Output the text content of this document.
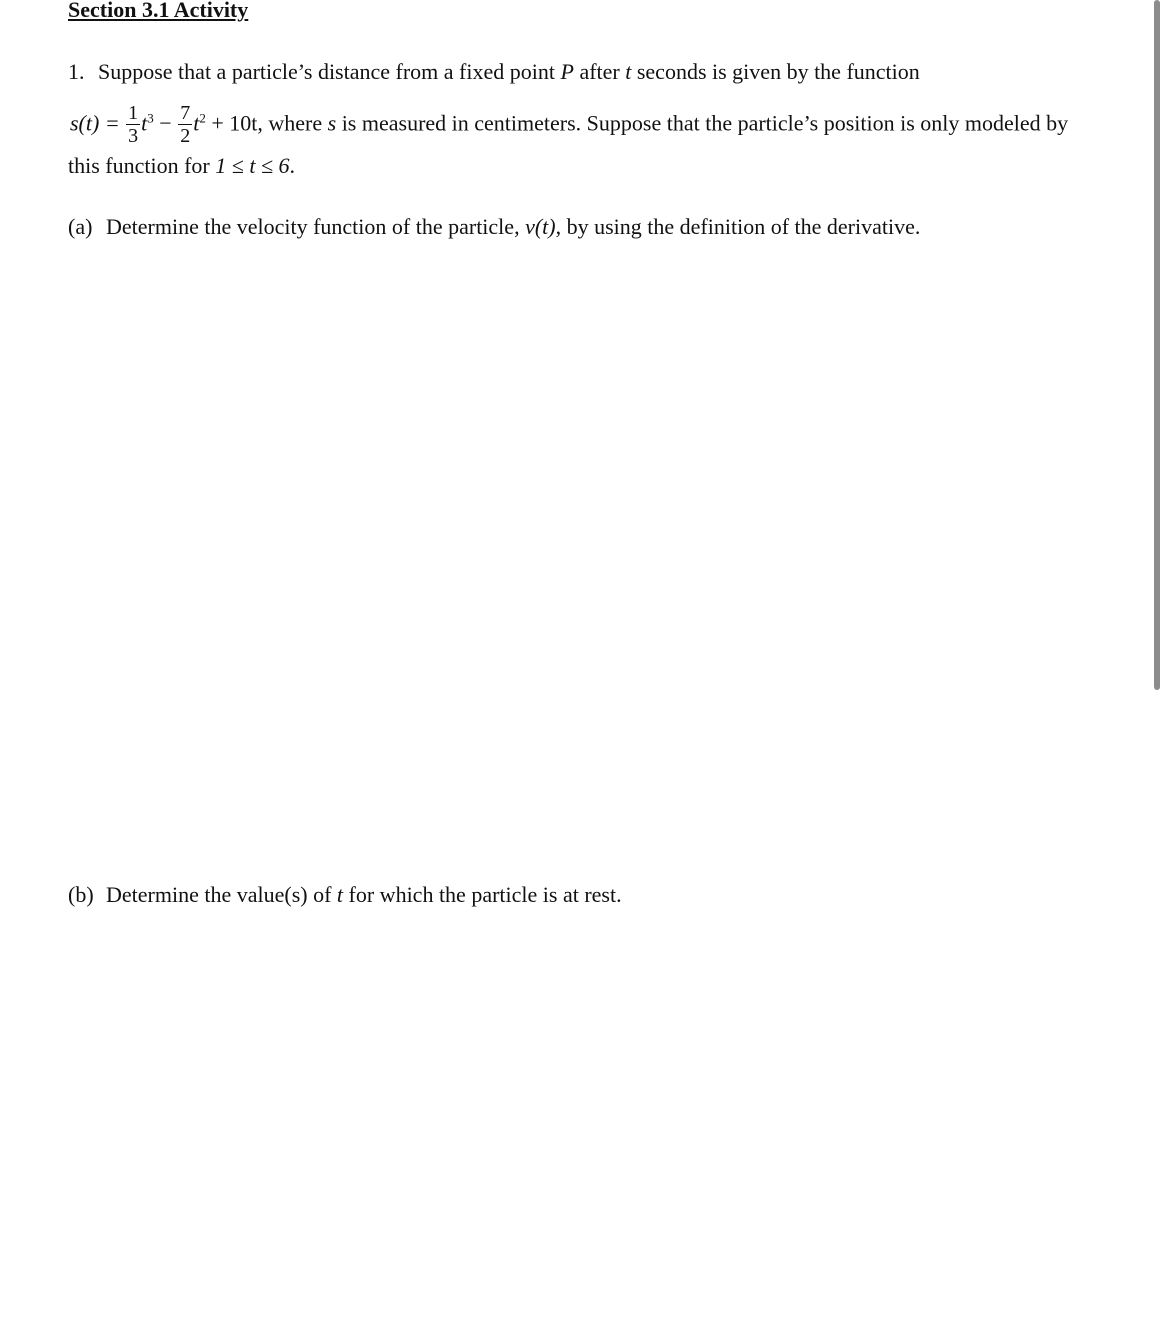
Section 3.1 Activity
1. Suppose that a particle’s distance from a fixed point P after t seconds is given by the function
$s(t) = \frac{1}{3} t^3 - \frac{7}{2} t^2 + 10t$, where s is measured in centimeters. Suppose that the particle’s position is only modeled by
this function for 1 ≤ t ≤ 6.
(a) Determine the velocity function of the particle, v(t), by using the definition of the derivative.
(b) Determine the value(s) of t for which the particle is at rest.
